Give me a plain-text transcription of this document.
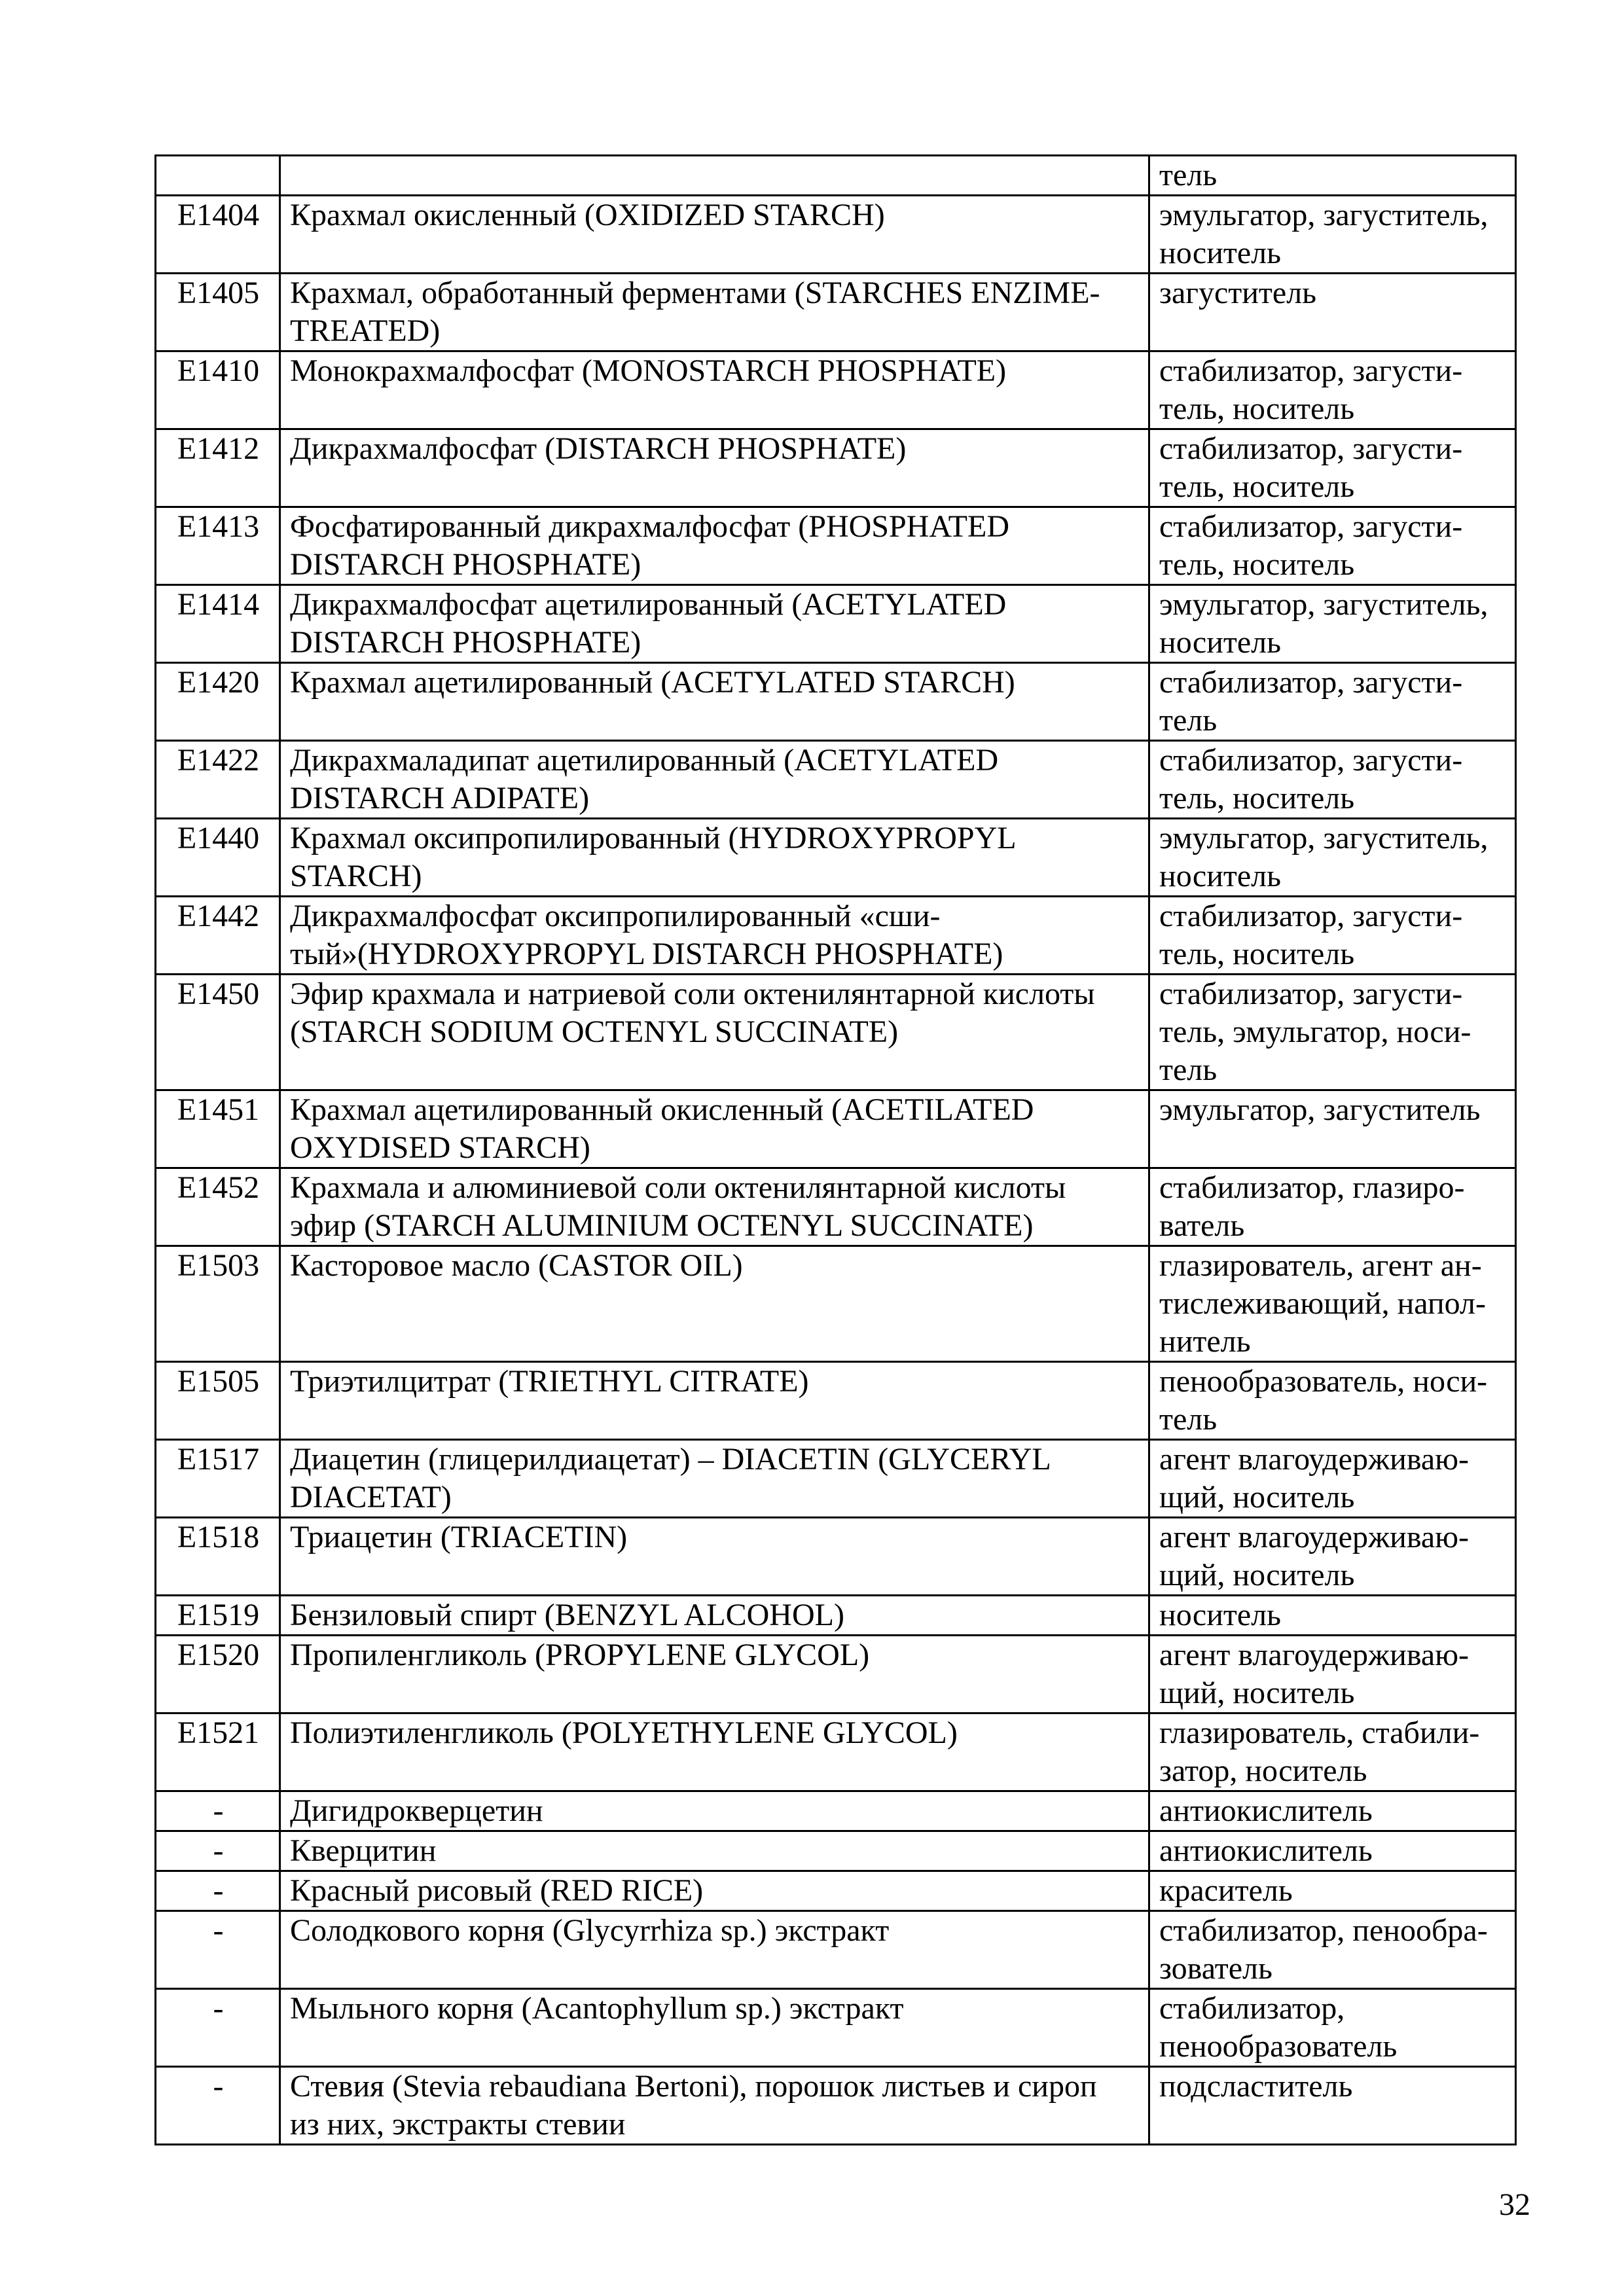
		тель
E1404	Крахмал окисленный (OXIDIZED STARCH)	эмульгатор, загуститель,
носитель
E1405	Крахмал, обработанный ферментами (STARCHES ENZIME-
TREATED)	загуститель
E1410	Монокрахмалфосфат (MONOSTARCH PHOSPHATE)	стабилизатор, загусти-
тель, носитель
E1412	Дикрахмалфосфат (DISTARCH PHOSPHATE)	стабилизатор, загусти-
тель, носитель
E1413	Фосфатированный дикрахмалфосфат (PHOSPHATED
DISTARCH PHOSPHATE)	стабилизатор, загусти-
тель, носитель
E1414	Дикрахмалфосфат ацетилированный (ACETYLATED
DISTARCH PHOSPHATE)	эмульгатор, загуститель,
носитель
E1420	Крахмал ацетилированный (ACETYLATED STARCH)	стабилизатор, загусти-
тель
E1422	Дикрахмаладипат ацетилированный (ACETYLATED
DISTARCH ADIPATE)	стабилизатор, загусти-
тель, носитель
E1440	Крахмал оксипропилированный (HYDROXYPROPYL
STARCH)	эмульгатор, загуститель,
носитель
E1442	Дикрахмалфосфат оксипропилированный «сши-
тый»(HYDROXYPROPYL DISTARCH PHOSPHATE)	стабилизатор, загусти-
тель, носитель
E1450	Эфир крахмала и натриевой соли октенилянтарной кислоты
(STARCH SODIUM OCTENYL SUCCINATE)	стабилизатор, загусти-
тель, эмульгатор, носи-
тель
E1451	Крахмал ацетилированный окисленный (ACETILATED
OXYDISED STARCH)	эмульгатор, загуститель
E1452	Крахмала и алюминиевой соли октенилянтарной кислоты
эфир (STARCH ALUMINIUM OCTENYL SUCCINATE)	стабилизатор, глазиро-
ватель
E1503	Касторовое масло (CASTOR OIL)	глазирователь, агент ан-
тислеживающий, напол-
нитель
E1505	Триэтилцитрат (TRIETHYL CITRATE)	пенообразователь, носи-
тель
E1517	Диацетин (глицерилдиацетат) – DIACETIN (GLYCERYL
DIACETAT)	агент влагоудерживаю-
щий, носитель
E1518	Триацетин (TRIACETIN)	агент влагоудерживаю-
щий, носитель
E1519	Бензиловый спирт (BENZYL ALCOHOL)	носитель
E1520	Пропиленгликоль (PROPYLENE GLYCOL)	агент влагоудерживаю-
щий, носитель
E1521	Полиэтиленгликоль (POLYETHYLENE GLYCOL)	глазирователь, стабили-
затор, носитель
-	Дигидрокверцетин	антиокислитель
-	Кверцитин	антиокислитель
-	Красный рисовый (RED RICE)	краситель
-	Солодкового корня (Glycyrrhiza sp.) экстракт	стабилизатор, пенообра-
зователь
-	Мыльного корня (Acantophyllum sp.) экстракт	стабилизатор,
пенообразователь
-	Стевия (Stevia rebaudiana Bertoni), порошок листьев и сироп
из них, экстракты стевии	подсластитель
32
